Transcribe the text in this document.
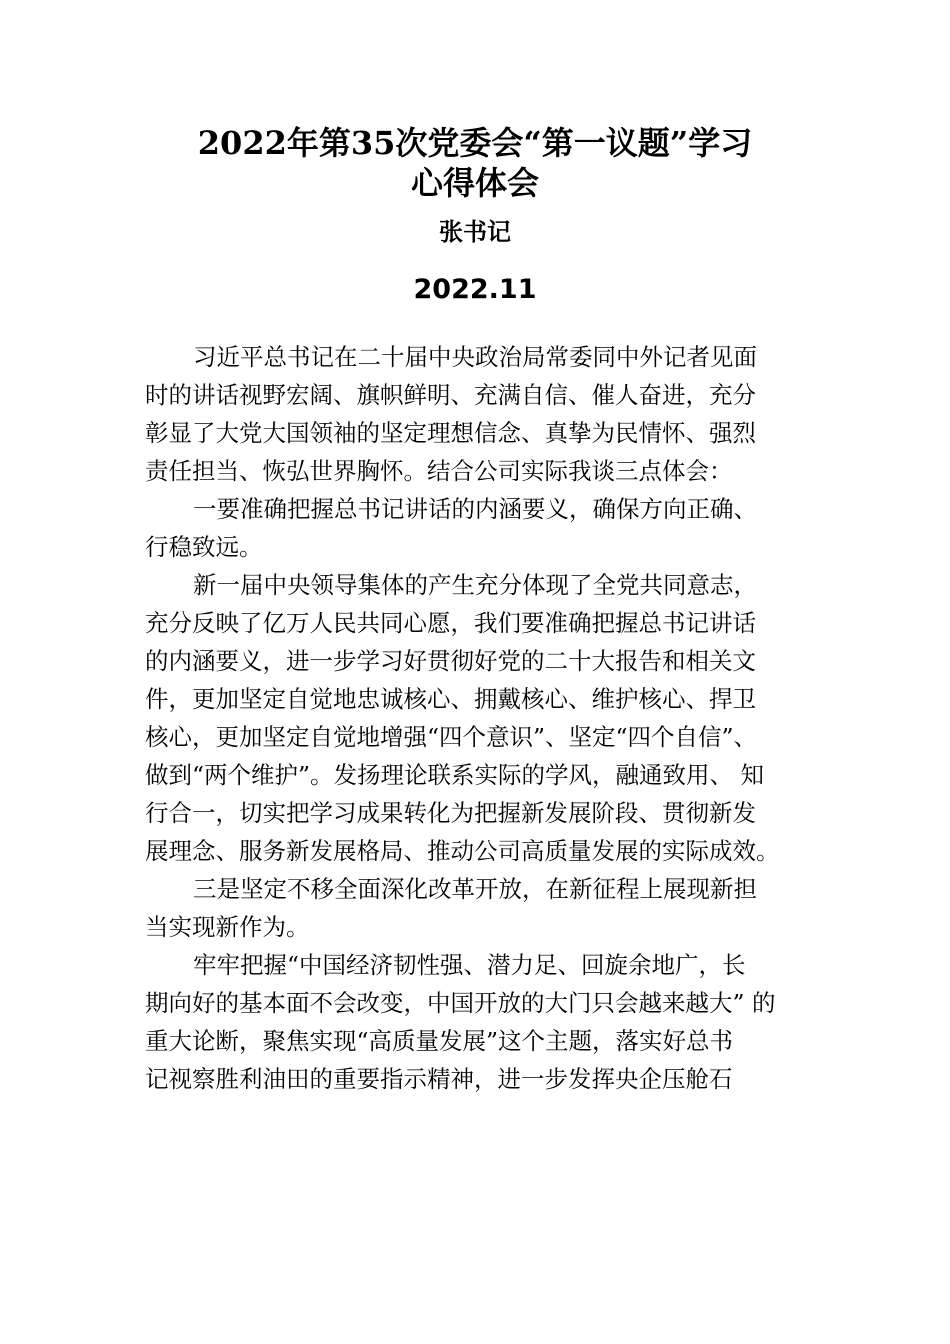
2022年第35次党委会“第一议题”学习
心得体会
张书记
2022.11
习近平总书记在二十届中央政治局常委同中外记者见面
时的讲话视野宏阔、旗帜鲜明、充满自信、催人奋进，充分
彰显了大党大国领袖的坚定理想信念、真挚为民情怀、强烈
责任担当、恢弘世界胸怀。结合公司实际我谈三点体会：
一要准确把握总书记讲话的内涵要义，确保方向正确、
行稳致远。
新一届中央领导集体的产生充分体现了全党共同意志，
充分反映了亿万人民共同心愿，我们要准确把握总书记讲话
的内涵要义，进一步学习好贯彻好党的二十大报告和相关文
件，更加坚定自觉地忠诚核心、拥戴核心、维护核心、捍卫
核心，更加坚定自觉地增强“四个意识”、坚定“四个自信”、
做到“两个维护”。发扬理论联系实际的学风，融通致用、 知
行合一，切实把学习成果转化为把握新发展阶段、贯彻新发
展理念、服务新发展格局、推动公司高质量发展的实际成效。
三是坚定不移全面深化改革开放，在新征程上展现新担
当实现新作为。
牢牢把握“中国经济韧性强、潜力足、回旋余地广，长
期向好的基本面不会改变，中国开放的大门只会越来越大” 的
重大论断，聚焦实现“高质量发展”这个主题，落实好总书
记视察胜利油田的重要指示精神，进一步发挥央企压舱石
